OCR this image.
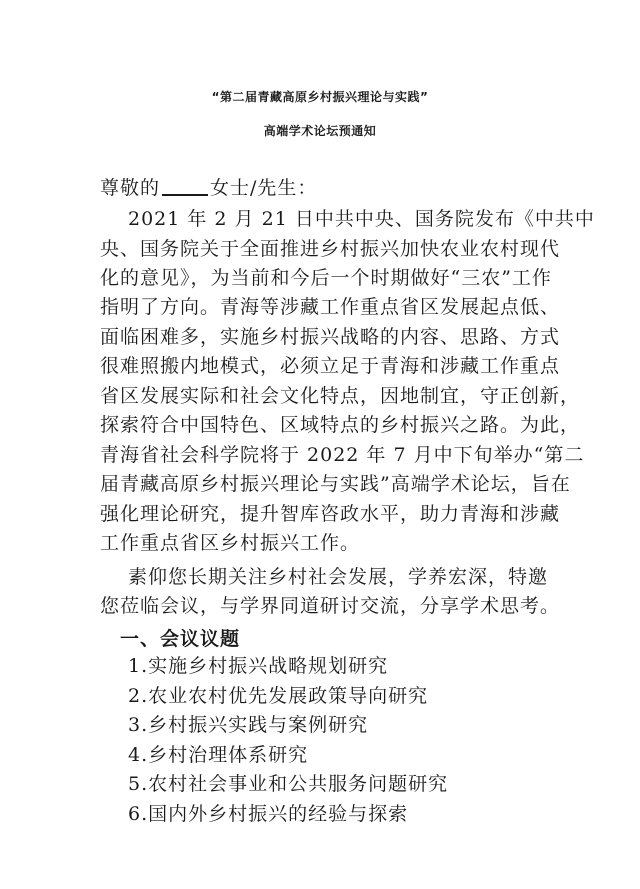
“第二届青藏高原乡村振兴理论与实践”
高端学术论坛预通知
尊敬的	女士/先生：
2021 年 2 月 21 日中共中央、国务院发布《中共中
央、国务院关于全面推进乡村振兴加快农业农村现代
化的意见》，为当前和今后一个时期做好“三农”工作
指明了方向。青海等涉藏工作重点省区发展起点低、
面临困难多，实施乡村振兴战略的内容、思路、方式
很难照搬内地模式，必须立足于青海和涉藏工作重点
省区发展实际和社会文化特点，因地制宜，守正创新，
探索符合中国特色、区域特点的乡村振兴之路。为此，
青海省社会科学院将于 2022 年 7 月中下旬举办“第二
届青藏高原乡村振兴理论与实践”高端学术论坛，旨在
强化理论研究，提升智库咨政水平，助力青海和涉藏
工作重点省区乡村振兴工作。
素仰您长期关注乡村社会发展，学养宏深，特邀
您莅临会议，与学界同道研讨交流，分享学术思考。
一、会议议题
1.实施乡村振兴战略规划研究
2.农业农村优先发展政策导向研究
3.乡村振兴实践与案例研究
4.乡村治理体系研究
5.农村社会事业和公共服务问题研究
6.国内外乡村振兴的经验与探索
